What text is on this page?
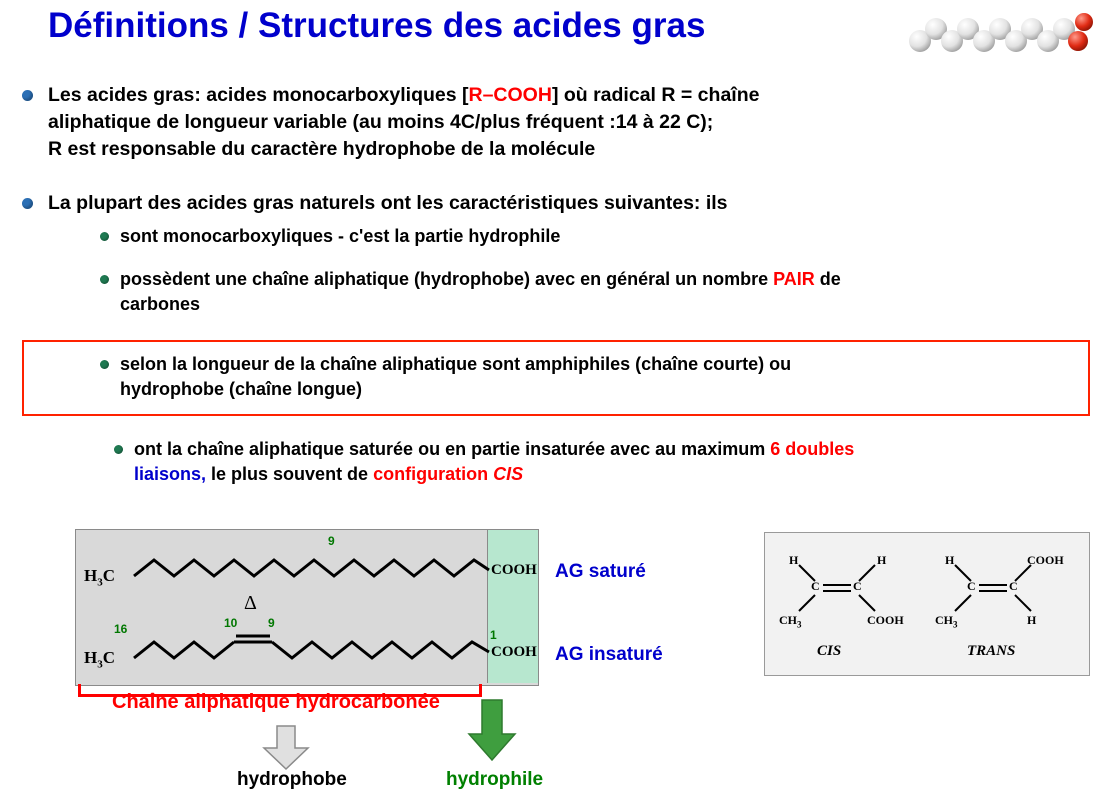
Définitions / Structures des acides gras
Les acides gras: acides monocarboxyliques [R–COOH] où radical R = chaîne
aliphatique de longueur variable (au moins 4C/plus fréquent :14 à 22 C);
R est responsable du caractère hydrophobe de la molécule
La plupart des acides gras naturels ont les caractéristiques suivantes: ils
sont monocarboxyliques - c'est la partie hydrophile
possèdent une chaîne aliphatique (hydrophobe) avec en général un nombre PAIR de
carbones
selon la longueur de la chaîne aliphatique sont amphiphiles (chaîne courte) ou
hydrophobe (chaîne longue)
ont la chaîne aliphatique saturée ou en partie insaturée avec au maximum 6 doubles
liaisons, le plus souvent de configuration CIS
$H_3C$
$H_3C$
COOH
COOH
9
16	10	9
1
Δ
AG saturé
AG insaturé
Chaîne aliphatique hydrocarbonée
hydrophobe	hydrophile
H	H
C	C
$CH_3$	COOH
H	COOH
C	C
$CH_3$	H
CIS	TRANS
